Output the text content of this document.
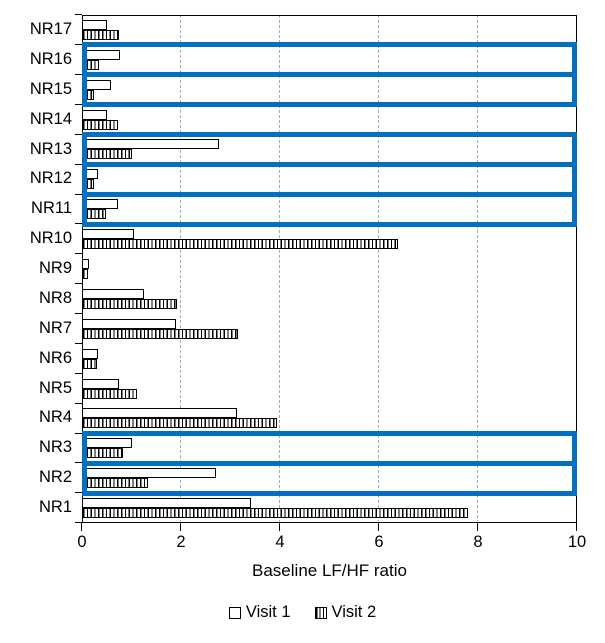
NR17
NR16
NR15
NR14
NR13
NR12
NR11
NR10
NR9
NR8
NR7
NR6
NR5
NR4
NR3
NR2
NR1
0	2	4	6	8	10
Baseline LF/HF ratio
Visit 1 Visit 2
